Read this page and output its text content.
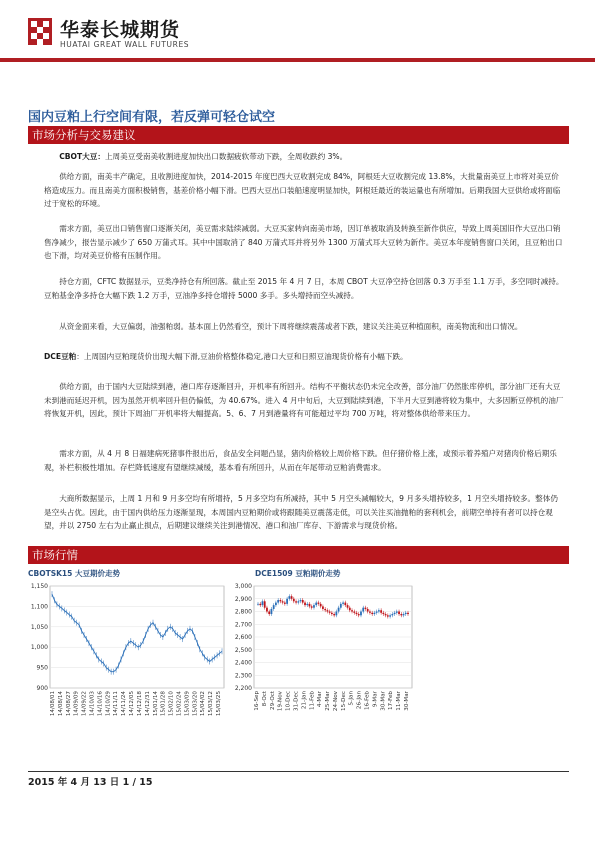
华泰长城期货
HUATAI GREAT WALL FUTURES
国内豆粕上行空间有限，若反弹可轻仓试空
市场分析与交易建议
CBOT大豆：上周美豆受南美收割进度加快出口数据疲软带动下跌，全周收跌约 3%。
供给方面，南美丰产确定，且收割进度加快，2014-2015 年度巴西大豆收割完成 84%，阿根廷大豆收割完成 13.8%，大批量南美豆上市将对美豆价格造成压力。而且南美方面积极销售，基差价格小幅下滑。巴西大豆出口装船速度明显加快，阿根廷最近的装运量也有所增加。后期我国大豆供给或将面临过于宽松的环境。
需求方面，美豆出口销售窗口逐渐关闭，美豆需求陆续减弱。大豆买家转向南美市场，因订单被取消及转换至新作供应，导致上周美国旧作大豆出口销售净减少，报告显示减少了 650 万蒲式耳。其中中国取消了 840 万蒲式耳并将另外 1300 万蒲式耳大豆转为新作。美豆本年度销售窗口关闭，且豆粕出口也下滑，均对美豆价格有压制作用。
持仓方面，CFTC 数据显示，豆类净持仓有所回落。截止至 2015 年 4 月 7 日，本周 CBOT 大豆净空持仓回落 0.3 万手至 1.1 万手，多空同时减持。豆粕基金净多持仓大幅下跌 1.2 万手，豆油净多持仓增持 5000 多手。多头增持而空头减持。
从资金面来看，大豆偏弱，油强粕弱。基本面上仍然看空，预计下周将继续震荡或者下跌，建议关注美豆种植面积，南美物流和出口情况。
DCE豆粕：上周国内豆粕现货价出现大幅下滑,豆油价格整体稳定,港口大豆和日照豆油现货价格有小幅下跌。
供给方面，由于国内大豆陆续到港，港口库存逐渐回升，开机率有所回升。结构不平衡状态仍未完全改善，部分油厂仍然胀库停机，部分油厂还有大豆未到港而延迟开机，因为虽然开机率回升但仍偏低，为 40.67%。进入 4 月中旬后，大豆到陆续到港，下半月大豆到港将较为集中，大多因断豆停机的油厂将恢复开机，因此，预计下周油厂开机率将大幅提高。5、6、7 月到港量将有可能超过平均 700 万吨，将对整体供给带来压力。
需求方面，从 4 月 8 日福建病死猪事件报出后，食品安全问题凸显，猪肉价格较上周价格下跌。但仔猪价格上涨，或预示着养殖户对猪肉价格后期乐观，补栏积极性增加。存栏降低速度有望继续减缓，基本看有所回升，从而在年尾带动豆粕消费需求。
大商所数据显示，上周 1 月和 9 月多空均有所增持，5 月多空均有所减持，其中 5 月空头减幅较大，9 月多头增持较多，1 月空头增持较多。整体仍是空头占优。因此，由于国内供给压力逐渐显现，本周国内豆粕期价或将跟随美豆震荡走低，可以关注买油抛粕的套利机会，前期空单持有者可以持仓观望，并以 2750 左右为止赢止损点，后期建议继续关注到港情况、港口和油厂库存、下游需求与现货价格。
市场行情
CBOTSK15 大豆期价走势
1,150
1,100
1,050
1,000
950
900
14/08/01 14/08/14 14/08/27 14/09/09 14/09/22 14/10/03 14/10/16 14/10/29 14/11/11 14/11/24 14/12/05 14/12/18 14/12/31 15/01/14 15/01/28 15/02/10 15/02/24 15/03/09 15/03/20 15/04/02 15/03/12 15/03/25
DCE1509 豆粕期价走势
3,000
2,900
2,800
2,700
2,600
2,500
2,400
2,300
2,200
16-Sep 8-Oct 29-Oct 19-Nov 10-Dec 31-Dec 21-Jan 11-Feb 4-Mar 25-Mar 24-Nov 15-Dec 5-Jan 26-Jan 16-Feb 9-Mar 30-Mar 17-Feb 11-Mar 30-Mar
2015 年 4 月 13 日 1 / 15
